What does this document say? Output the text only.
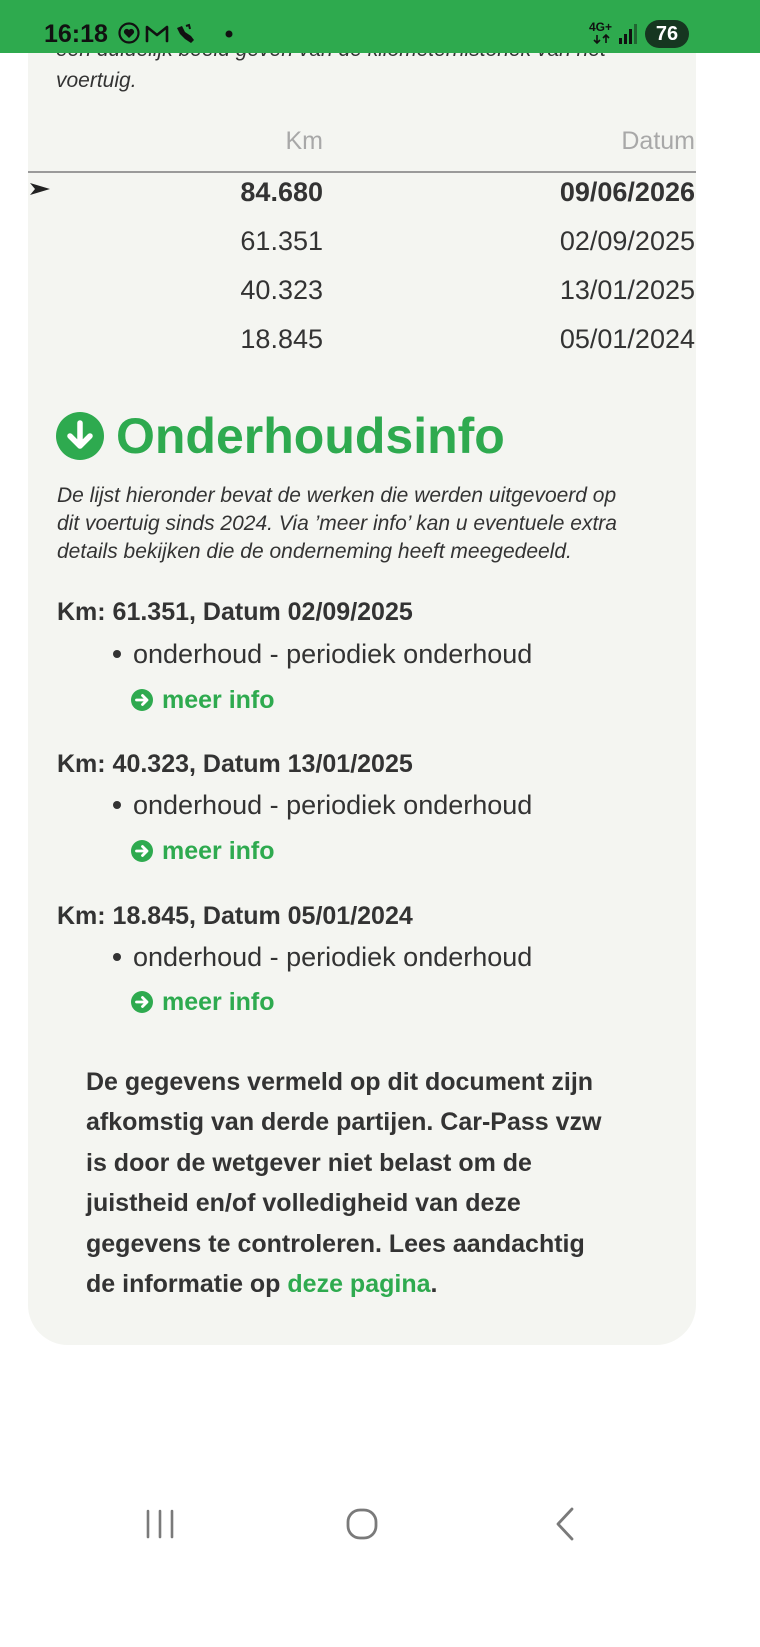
voertuig.
Km	Datum
84.680	09/06/2026
61.351	02/09/2025
40.323	13/01/2025
18.845	05/01/2024
Onderhoudsinfo
De lijst hieronder bevat de werken die werden uitgevoerd op
dit voertuig sinds 2024. Via ’meer info’ kan u eventuele extra
details bekijken die de onderneming heeft meegedeeld.
Km: 61.351, Datum 02/09/2025
onderhoud - periodiek onderhoud
meer info
Km: 40.323, Datum 13/01/2025
onderhoud - periodiek onderhoud
meer info
Km: 18.845, Datum 05/01/2024
onderhoud - periodiek onderhoud
meer info
De gegevens vermeld op dit document zijn
afkomstig van derde partijen. Car-Pass vzw
is door de wetgever niet belast om de
juistheid en/of volledigheid van deze
gegevens te controleren. Lees aandachtig
de informatie op deze pagina.
16:18	4G+	76
